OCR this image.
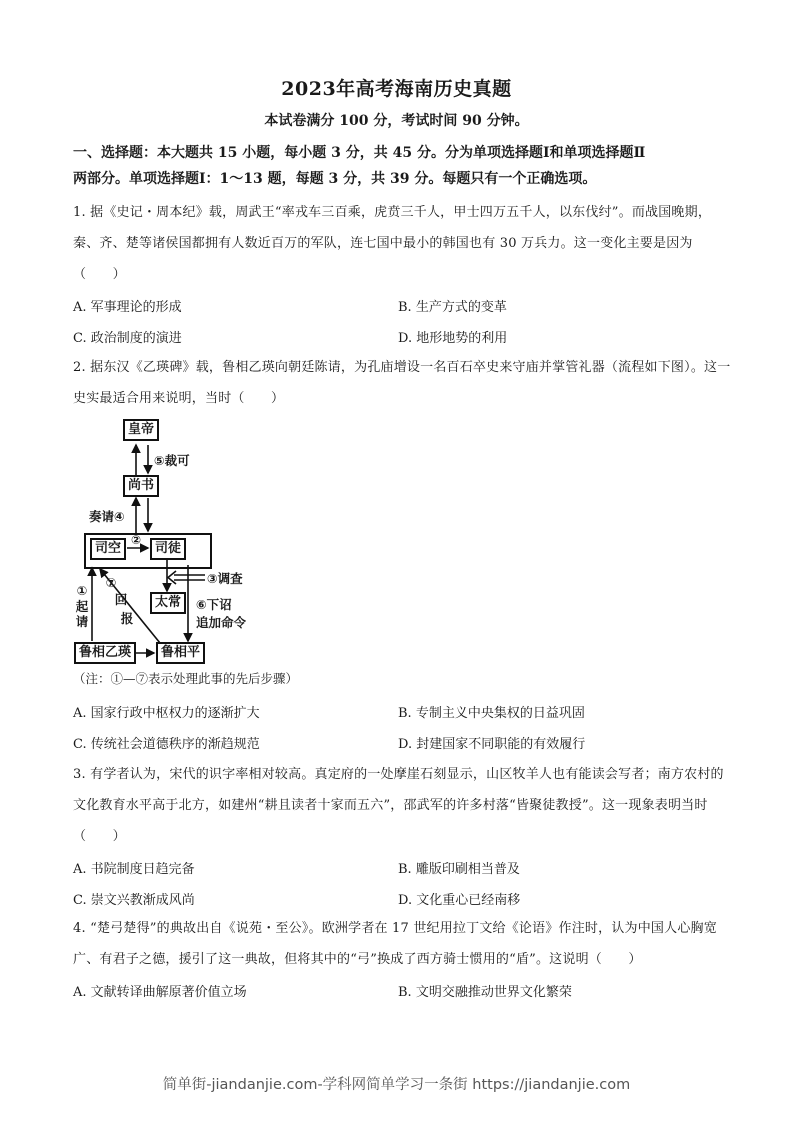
2023年高考海南历史真题
本试卷满分 100 分，考试时间 90 分钟。
一、选择题：本大题共 15 小题，每小题 3 分，共 45 分。分为单项选择题Ⅰ和单项选择题Ⅱ
两部分。单项选择题Ⅰ：1～13 题，每题 3 分，共 39 分。每题只有一个正确选项。
1. 据《史记・周本纪》载，周武王“率戎车三百乘，虎贲三千人，甲士四万五千人，以东伐纣”。而战国晚期，秦、齐、楚等诸侯国都拥有人数近百万的军队，连七国中最小的韩国也有 30 万兵力。这一变化主要是因为（　　）
A. 军事理论的形成	B. 生产方式的变革
C. 政治制度的演进	D. 地形地势的利用
2. 据东汉《乙瑛碑》载，鲁相乙瑛向朝廷陈请，为孔庙增设一名百石卒史来守庙并掌管礼器（流程如下图）。这一史实最适合用来说明，当时（　　）
皇帝
⑤裁可
尚书
奏请④
司空
②
司徒
③调查
太常	⑥下诏
追加命令
①
起请
⑦
回
报
鲁相乙瑛	鲁相平
（注：①—⑦表示处理此事的先后步骤）
A. 国家行政中枢权力的逐渐扩大	B. 专制主义中央集权的日益巩固
C. 传统社会道德秩序的渐趋规范	D. 封建国家不同职能的有效履行
3. 有学者认为，宋代的识字率相对较高。真定府的一处摩崖石刻显示，山区牧羊人也有能读会写者；南方农村的文化教育水平高于北方，如建州“耕且读者十家而五六”，邵武军的许多村落“皆聚徒教授”。这一现象表明当时（　　）
A. 书院制度日趋完备	B. 雕版印刷相当普及
C. 崇文兴教渐成风尚	D. 文化重心已经南移
4. “楚弓楚得”的典故出自《说苑・至公》。欧洲学者在 17 世纪用拉丁文给《论语》作注时，认为中国人心胸宽广、有君子之德，援引了这一典故，但将其中的“弓”换成了西方骑士惯用的“盾”。这说明（　　）
A. 文献转译曲解原著价值立场	B. 文明交融推动世界文化繁荣
简单街-jiandanjie.com-学科网简单学习一条街 https://jiandanjie.com
